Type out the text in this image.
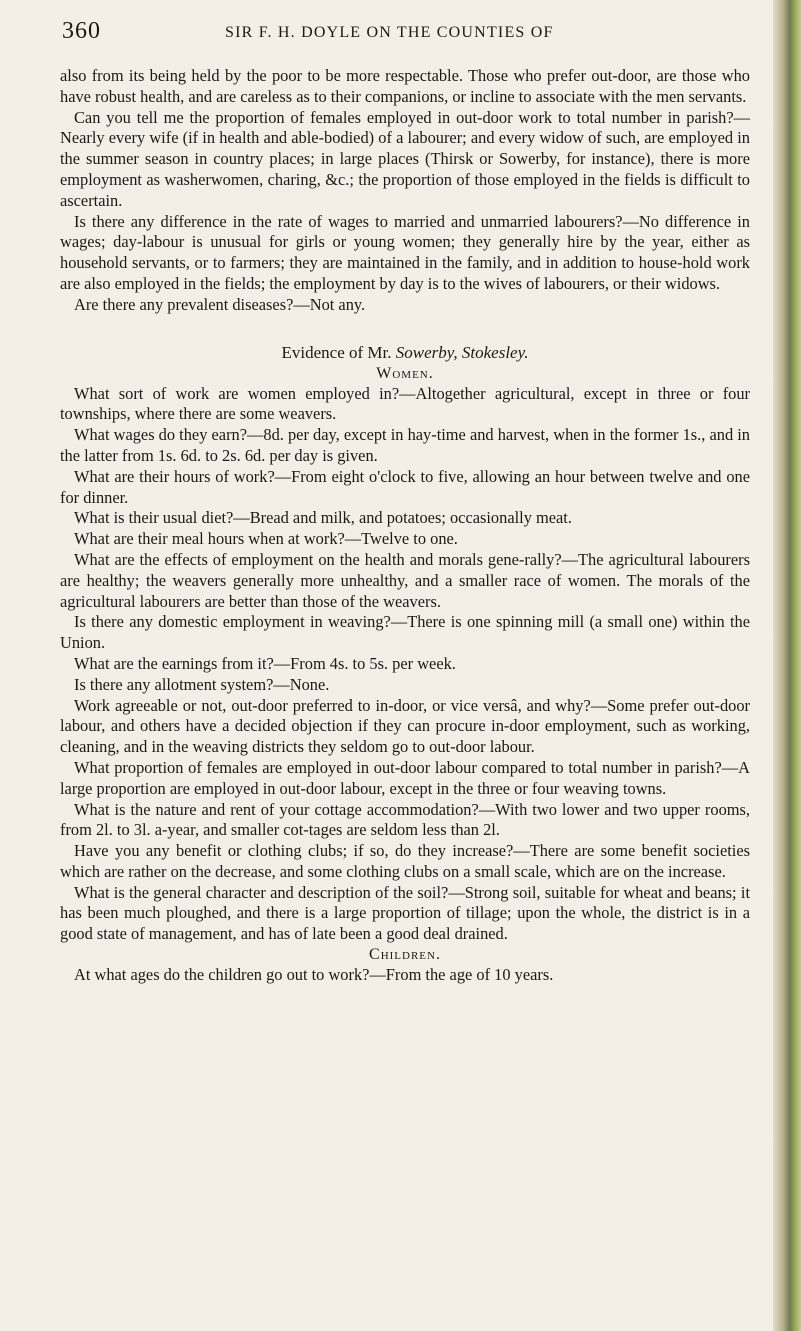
360	SIR F. H. DOYLE ON THE COUNTIES OF

also from its being held by the poor to be more respectable. Those who prefer out-door, are those who have robust health, and are careless as to their companions, or incline to associate with the men servants.

Can you tell me the proportion of females employed in out-door work to total number in parish?—Nearly every wife (if in health and able-bodied) of a labourer; and every widow of such, are employed in the summer season in country places; in large places (Thirsk or Sowerby, for instance), there is more employment as washerwomen, charing, &c.; the proportion of those employed in the fields is difficult to ascertain.

Is there any difference in the rate of wages to married and unmarried labourers?—No difference in wages; day-labour is unusual for girls or young women; they generally hire by the year, either as household servants, or to farmers; they are maintained in the family, and in addition to house-hold work are also employed in the fields; the employment by day is to the wives of labourers, or their widows.

Are there any prevalent diseases?—Not any.

Evidence of Mr. Sowerby, Stokesley.
Women.

What sort of work are women employed in?—Altogether agricultural, except in three or four townships, where there are some weavers.

What wages do they earn?—8d. per day, except in hay-time and harvest, when in the former 1s., and in the latter from 1s. 6d. to 2s. 6d. per day is given.

What are their hours of work?—From eight o'clock to five, allowing an hour between twelve and one for dinner.

What is their usual diet?—Bread and milk, and potatoes; occasionally meat.

What are their meal hours when at work?—Twelve to one.

What are the effects of employment on the health and morals gene-rally?—The agricultural labourers are healthy; the weavers generally more unhealthy, and a smaller race of women. The morals of the agricultural labourers are better than those of the weavers.

Is there any domestic employment in weaving?—There is one spinning mill (a small one) within the Union.

What are the earnings from it?—From 4s. to 5s. per week.

Is there any allotment system?—None.

Work agreeable or not, out-door preferred to in-door, or vice versâ, and why?—Some prefer out-door labour, and others have a decided objection if they can procure in-door employment, such as working, cleaning, and in the weaving districts they seldom go to out-door labour.

What proportion of females are employed in out-door labour compared to total number in parish?—A large proportion are employed in out-door labour, except in the three or four weaving towns.

What is the nature and rent of your cottage accommodation?—With two lower and two upper rooms, from 2l. to 3l. a-year, and smaller cot-tages are seldom less than 2l.

Have you any benefit or clothing clubs; if so, do they increase?—There are some benefit societies which are rather on the decrease, and some clothing clubs on a small scale, which are on the increase.

What is the general character and description of the soil?—Strong soil, suitable for wheat and beans; it has been much ploughed, and there is a large proportion of tillage; upon the whole, the district is in a good state of management, and has of late been a good deal drained.

Children.

At what ages do the children go out to work?—From the age of 10 years.
